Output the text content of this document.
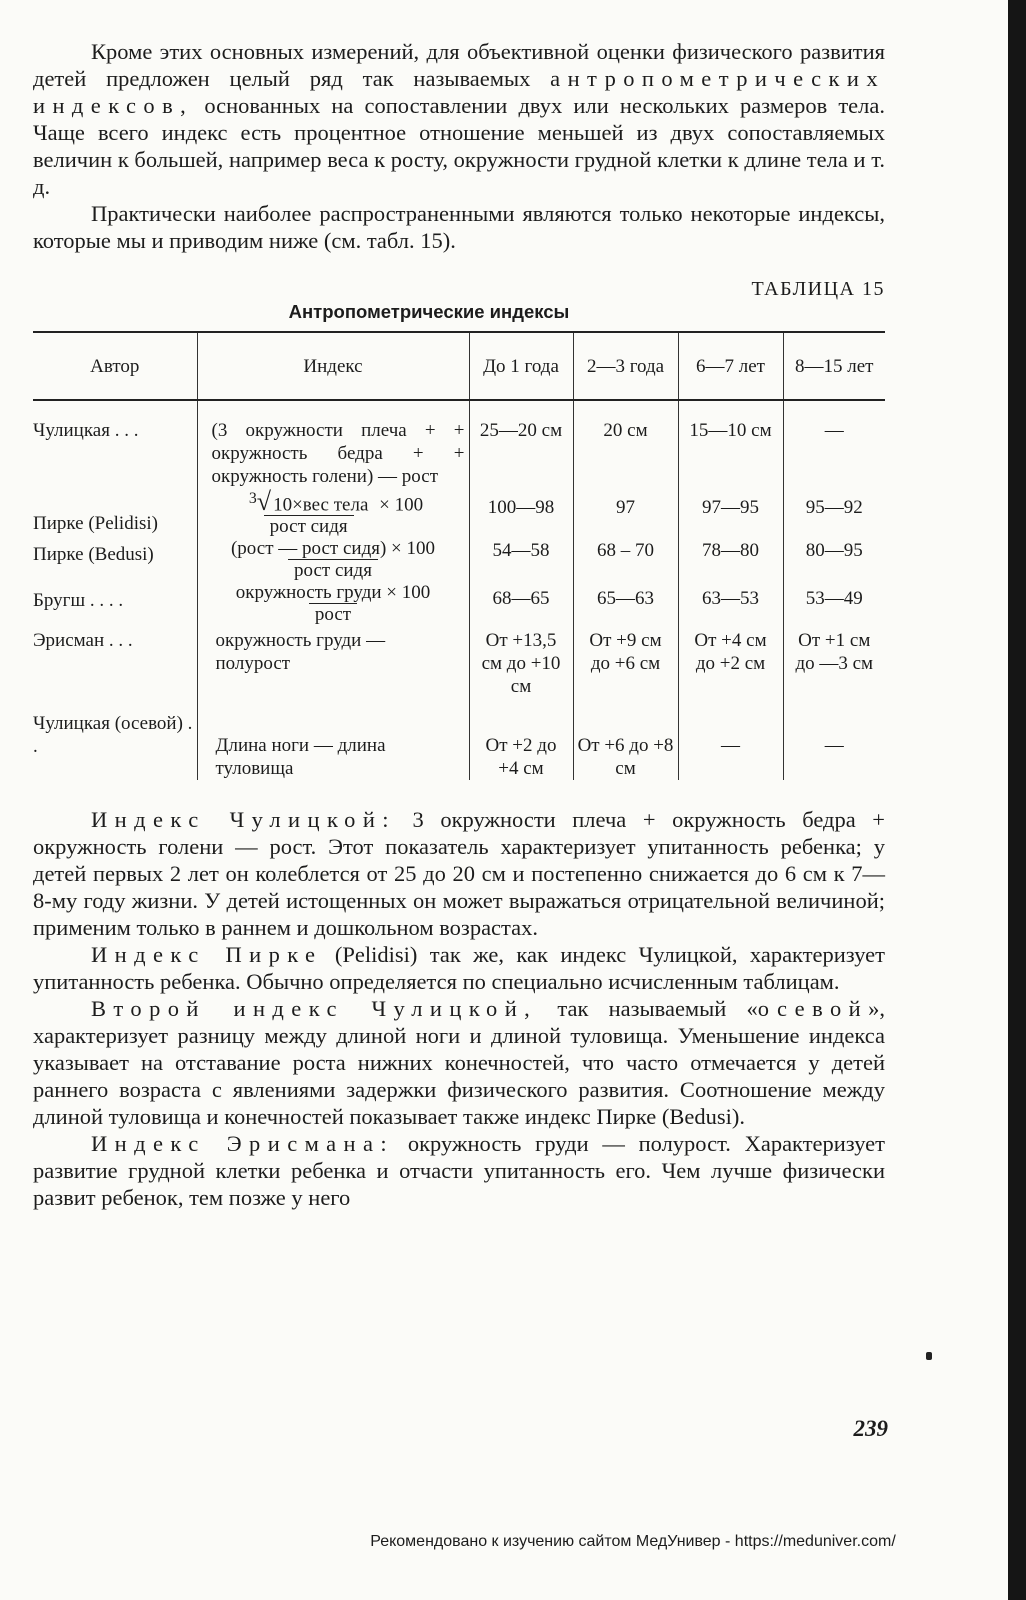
Кроме этих основных измерений, для объективной оценки физического развития детей предложен целый ряд так называемых антропометрических индексов, основанных на сопоставлении двух или нескольких размеров тела. Чаще всего индекс есть процентное отношение меньшей из двух сопоставляемых величин к большей, например веса к росту, окружности грудной клетки к длине тела и т. д.

Практически наиболее распространенными являются только некоторые индексы, которые мы и приводим ниже (см. табл. 15).

ТАБЛИЦА 15
Антропометрические индексы
Автор	Индекс	До 1 года	2—3 года	6—7 лет	8—15 лет
Чулицкая . . .	(3 окружности плеча + + окружность бедра + + окружность голени) — рост	25—20 см	20 см	15—10 см	—
Пирке (Pelidisi)	$\frac{^3√ 10\times вес тела}{\text{рост сидя}} \times 100$	100—98	97	97—95	95—92
Пирке (Bedusi)	$\frac{\text{(рост — рост сидя) × 100}}{\text{рост сидя}}$	54—58	68 – 70	78—80	80—95
Бругш . . . .	$\frac{\text{окружность груди × 100}}{\text{рост}}$	68—65	65—63	63—53	53—49
Эрисман . . .	окружность груди — полурост	От +13,5 см до +10 см	От +9 см до +6 см	От +4 см до +2 см	От +1 см до —3 см
Чулицкая (осевой) . .	Длина ноги — длина туловища	От +2 до +4 см	От +6 до +8 см	—	—

Индекс Чулицкой: 3 окружности плеча + окружность бедра + окружность голени — рост. Этот показатель характеризует упитанность ребенка; у детей первых 2 лет он колеблется от 25 до 20 см и постепенно снижается до 6 см к 7—8-му году жизни. У детей истощенных он может выражаться отрицательной величиной; применим только в раннем и дошкольном возрастах.

Индекс Пирке (Pelidisi) так же, как индекс Чулицкой, характеризует упитанность ребенка. Обычно определяется по специально исчисленным таблицам.

Второй индекс Чулицкой, так называемый «осевой», характеризует разницу между длиной ноги и длиной туловища. Уменьшение индекса указывает на отставание роста нижних конечностей, что часто отмечается у детей раннего возраста с явлениями задержки физического развития. Соотношение между длиной туловища и конечностей показывает также индекс Пирке (Bedusi).

Индекс Эрисмана: окружность груди — полурост. Характеризует развитие грудной клетки ребенка и отчасти упитанность его. Чем лучше физически развит ребенок, тем позже у него

239
Рекомендовано к изучению сайтом МедУнивер - https://meduniver.com/
